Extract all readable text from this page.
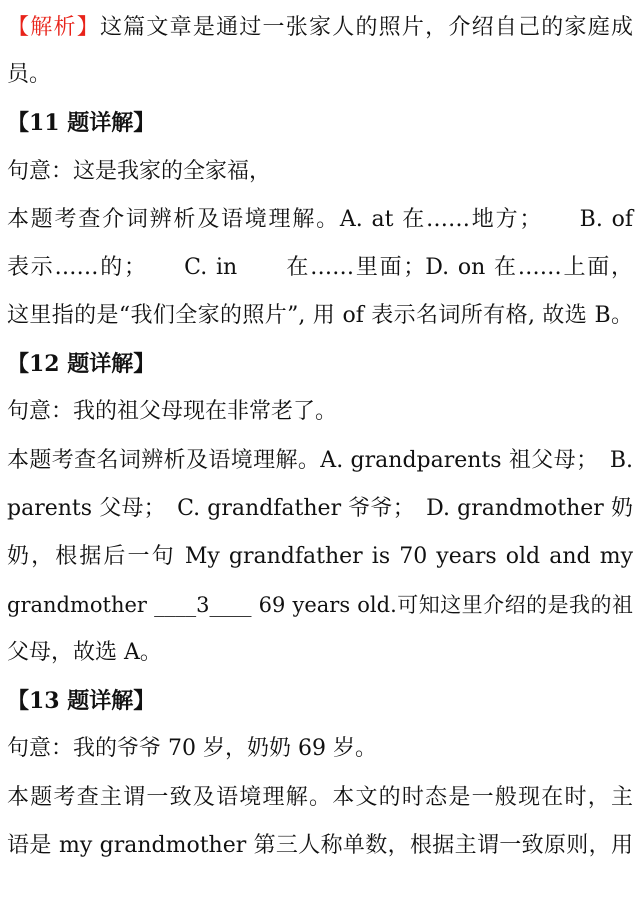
【解析】这篇文章是通过一张家人的照片，介绍自己的家庭成
员。
【11 题详解】
句意：这是我家的全家福，
本题考查介词辨析及语境理解。A. at 在……地方；　　B. of
表示……的；　　C. in　　在……里面；D. on 在……上面，
这里指的是“我们全家的照片”, 用 of 表示名词所有格, 故选 B。
【12 题详解】
句意：我的祖父母现在非常老了。
本题考查名词辨析及语境理解。A. grandparents 祖父母；　B.
parents 父母；　C. grandfather 爷爷；　D. grandmother 奶
奶，根据后一句 My grandfather is 70 years old and my
grandmother ____3____ 69 years old.可知这里介绍的是我的祖
父母，故选 A。
【13 题详解】
句意：我的爷爷 70 岁，奶奶 69 岁。
本题考查主谓一致及语境理解。本文的时态是一般现在时，主
语是 my grandmother 第三人称单数，根据主谓一致原则，用
